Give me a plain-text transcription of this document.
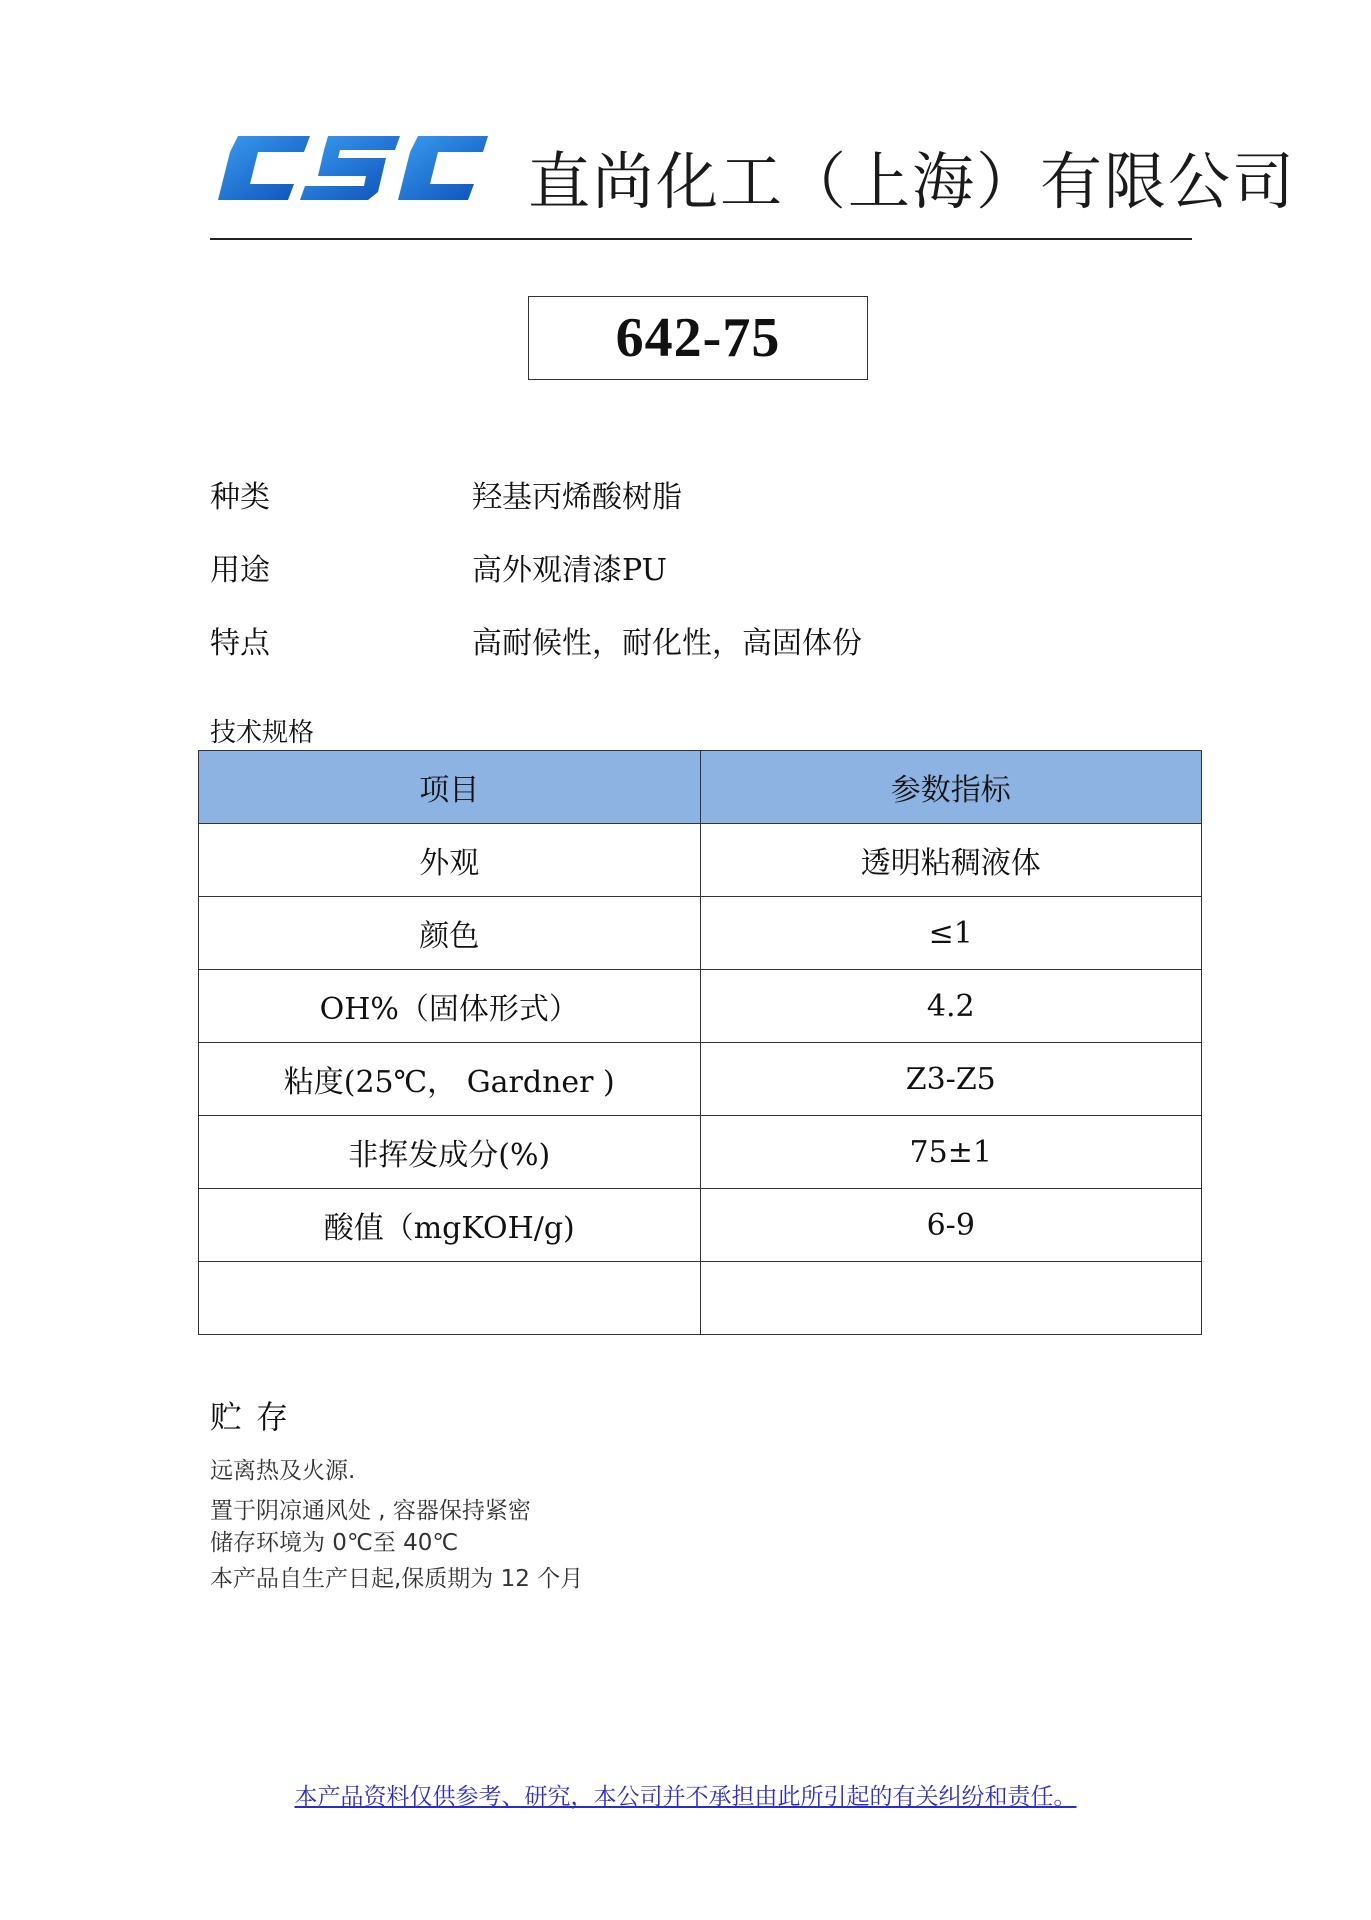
直尚化工（上海）有限公司
642-75
种类	羟基丙烯酸树脂
用途	高外观清漆PU
特点	高耐候性，耐化性，高固体份
技术规格
项目	参数指标
外观	透明粘稠液体
颜色	≤1
OH%（固体形式）	4.2
粘度(25℃， Gardner )	Z3-Z5
非挥发成分(%)	75±1
酸值（mgKOH/g)	6-9

贮存
远离热及火源.
置于阴凉通风处 , 容器保持紧密
储存环境为 0℃至 40℃
本产品自生产日起,保质期为 12 个月
本产品资料仅供参考、研究，本公司并不承担由此所引起的有关纠纷和责任。
